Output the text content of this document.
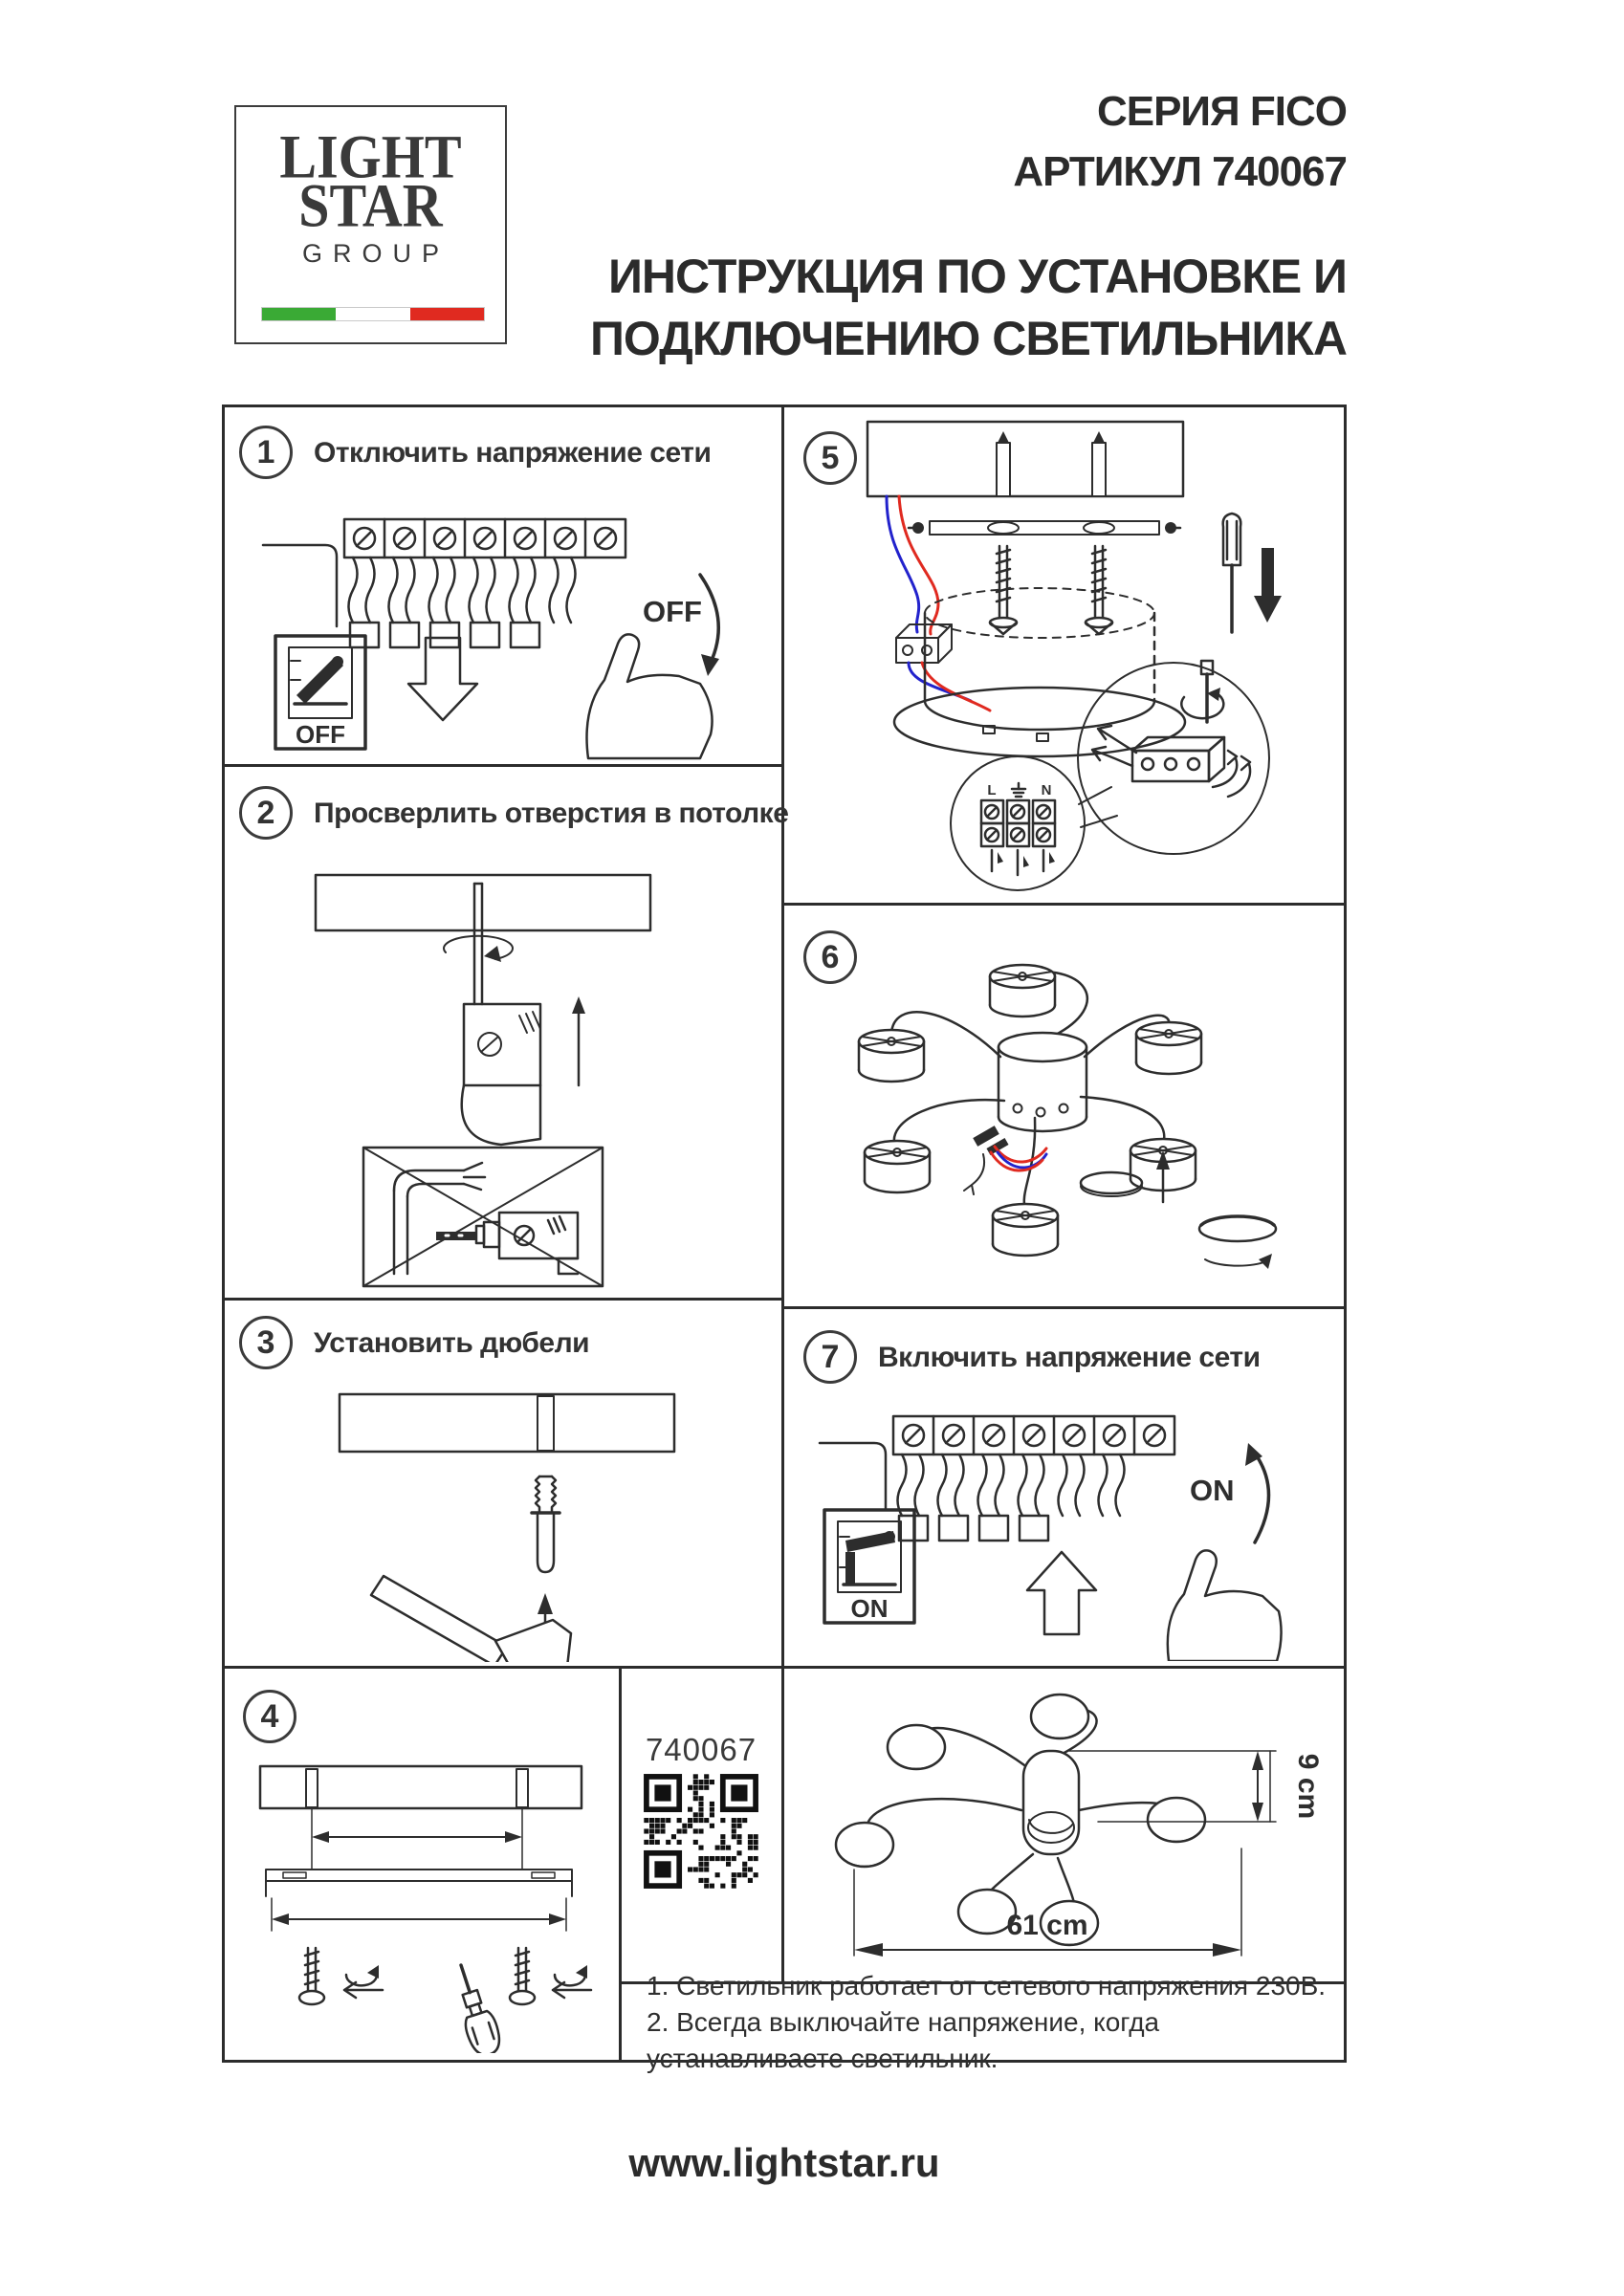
LIGHT
STAR
GROUP
СЕРИЯ FICO
АРТИКУЛ 740067
ИНСТРУКЦИЯ ПО УСТАНОВКЕ И
ПОДКЛЮЧЕНИЮ СВЕТИЛЬНИКА
1	Отключить напряжение сети
OFF
OFF
2	Просверлить отверстия в потолке
3	Установить дюбели
4
5
L	N
6
7	Включить напряжение сети
ON
ON
740067
9 cm
61 cm
1. Светильник работает от сетевого напряжения 230В.
2. Всегда выключайте напряжение, когда устанавливаете светильник.
www.lightstar.ru
